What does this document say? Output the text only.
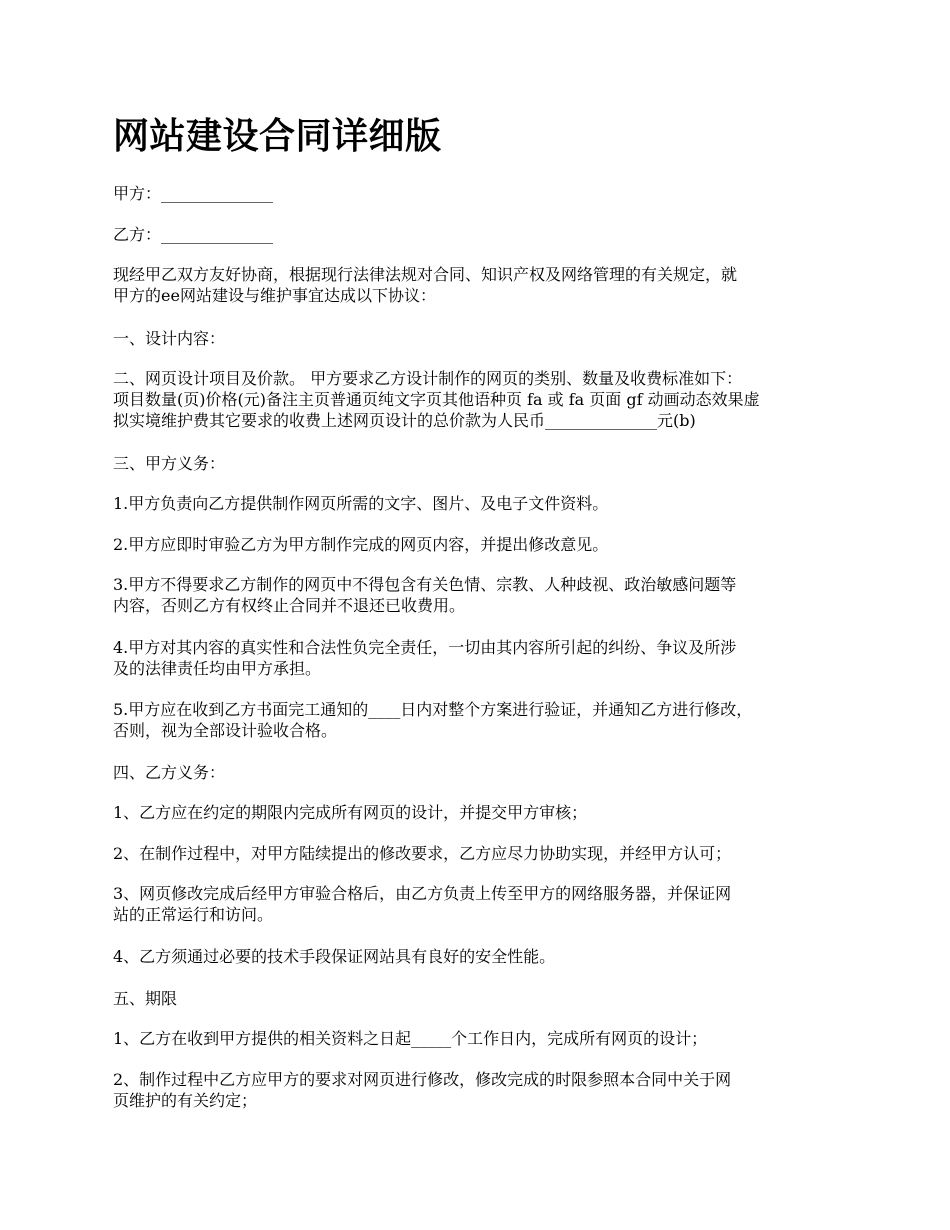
网站建设合同详细版

甲方：______________

乙方：______________

现经甲乙双方友好协商，根据现行法律法规对合同、知识产权及网络管理的有关规定，就
甲方的ee网站建设与维护事宜达成以下协议：

一、设计内容：

二、网页设计项目及价款。 甲方要求乙方设计制作的网页的类别、数量及收费标准如下：
项目数量(页)价格(元)备注主页普通页纯文字页其他语种页 fa 或 fa 页面 gf 动画动态效果虚
拟实境维护费其它要求的收费上述网页设计的总价款为人民币______________元(b)

三、甲方义务：

1.甲方负责向乙方提供制作网页所需的文字、图片、及电子文件资料。

2.甲方应即时审验乙方为甲方制作完成的网页内容，并提出修改意见。

3.甲方不得要求乙方制作的网页中不得包含有关色情、宗教、人种歧视、政治敏感问题等
内容，否则乙方有权终止合同并不退还已收费用。

4.甲方对其内容的真实性和合法性负完全责任，一切由其内容所引起的纠纷、争议及所涉
及的法律责任均由甲方承担。

5.甲方应在收到乙方书面完工通知的____日内对整个方案进行验证，并通知乙方进行修改，
否则，视为全部设计验收合格。

四、乙方义务：

1、乙方应在约定的期限内完成所有网页的设计，并提交甲方审核；

2、在制作过程中，对甲方陆续提出的修改要求，乙方应尽力协助实现，并经甲方认可；

3、网页修改完成后经甲方审验合格后，由乙方负责上传至甲方的网络服务器，并保证网
站的正常运行和访问。

4、乙方须通过必要的技术手段保证网站具有良好的安全性能。

五、期限

1、乙方在收到甲方提供的相关资料之日起_____个工作日内，完成所有网页的设计；

2、制作过程中乙方应甲方的要求对网页进行修改，修改完成的时限参照本合同中关于网
页维护的有关约定；
